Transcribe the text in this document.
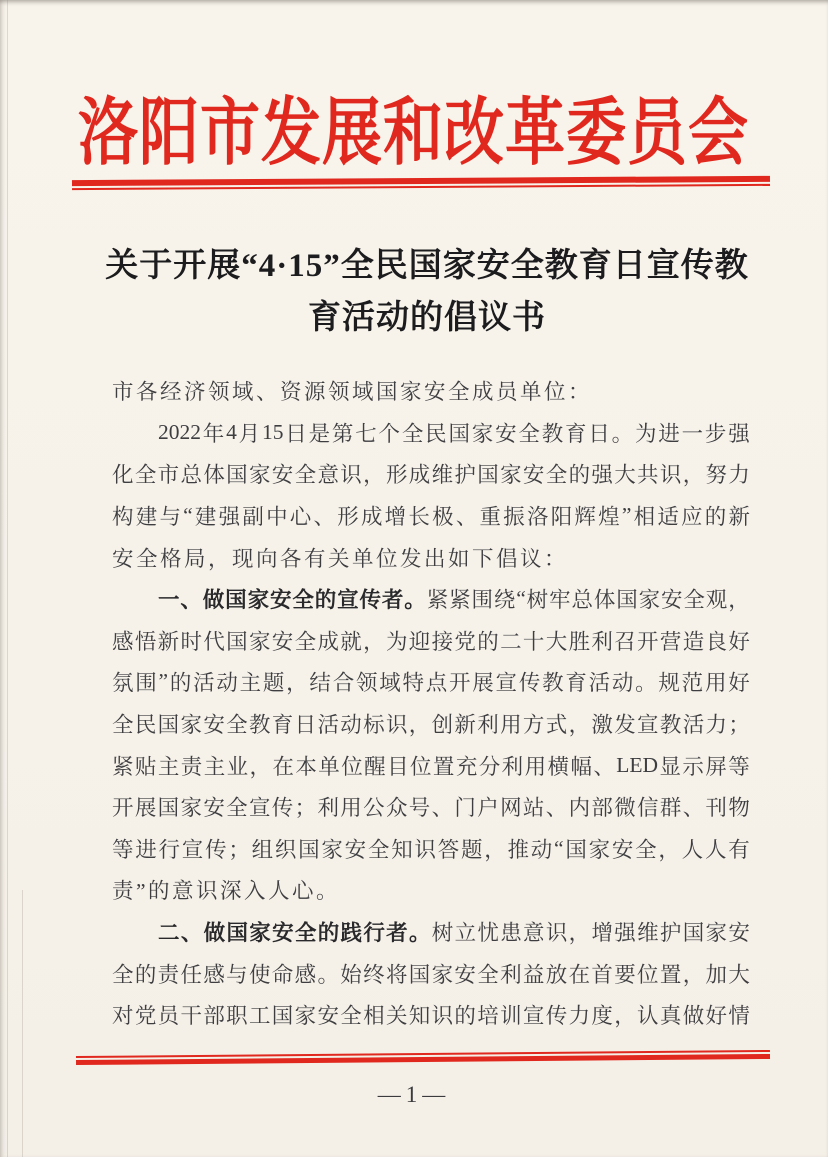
洛 阳 市 发 展 和 改 革 委 员 会
关于开展“4·15”全民国家安全教育日宣传教
育活动的倡议书
市各经济领域、资源领域国家安全成员单位：
2022 年 4 月 15 日 是 第 七 个 全 民 国 家 安 全 教 育 日 。 为 进 一 步 强
化 全 市 总 体 国 家 安 全 意 识 ， 形 成 维 护 国 家 安 全 的 强 大 共 识 ， 努 力
构 建 与 “ 建 强 副 中 心 、 形 成 增 长 极 、 重 振 洛 阳 辉 煌 ” 相 适 应 的 新
安全格局，现向各有关单位发出如下倡议：
一 、 做 国 家 安 全 的 宣 传 者 。 紧 紧 围 绕 “ 树 牢 总 体 国 家 安 全 观 ，
感 悟 新 时 代 国 家 安 全 成 就 ， 为 迎 接 党 的 二 十 大 胜 利 召 开 营 造 良 好
氛 围 ” 的 活 动 主 题 ， 结 合 领 域 特 点 开 展 宣 传 教 育 活 动 。 规 范 用 好
全 民 国 家 安 全 教 育 日 活 动 标 识 ， 创 新 利 用 方 式 ， 激 发 宣 教 活 力 ；
紧 贴 主 责 主 业 ， 在 本 单 位 醒 目 位 置 充 分 利 用 横 幅 、 LED 显 示 屏 等
开 展 国 家 安 全 宣 传 ； 利 用 公 众 号 、 门 户 网 站 、 内 部 微 信 群 、 刊 物
等 进 行 宣 传 ； 组 织 国 家 安 全 知 识 答 题 ， 推 动 “ 国 家 安 全 ， 人 人 有
责”的意识深入人心。
二 、 做 国 家 安 全 的 践 行 者 。 树 立 忧 患 意 识 ， 增 强 维 护 国 家 安
全 的 责 任 感 与 使 命 感 。 始 终 将 国 家 安 全 利 益 放 在 首 要 位 置 ， 加 大
对 党 员 干 部 职 工 国 家 安 全 相 关 知 识 的 培 训 宣 传 力 度 ， 认 真 做 好 情
—1—
